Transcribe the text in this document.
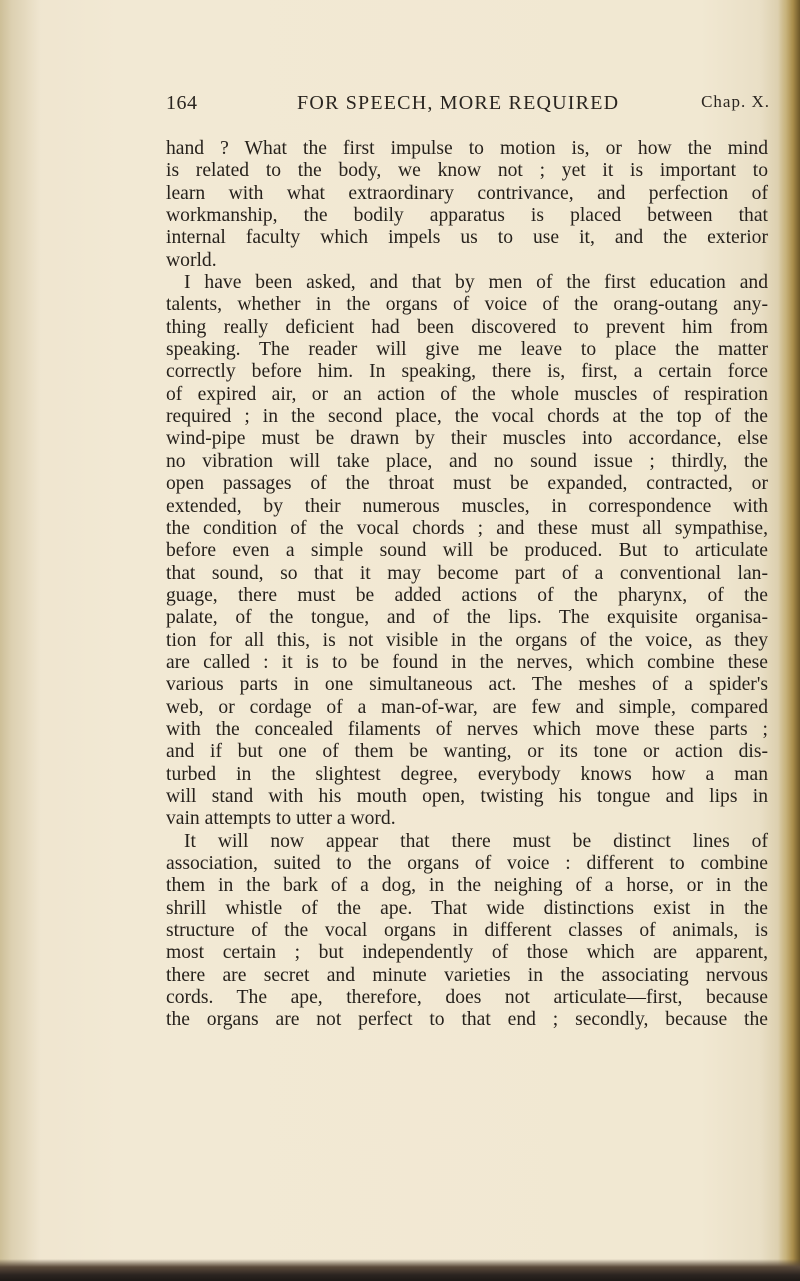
164	FOR SPEECH, MORE REQUIRED	Chap. X.
hand ? What the first impulse to motion is, or how the mind
is related to the body, we know not ; yet it is important to
learn with what extraordinary contrivance, and perfection of
workmanship, the bodily apparatus is placed between that
internal faculty which impels us to use it, and the exterior
world.
I have been asked, and that by men of the first education and
talents, whether in the organs of voice of the orang-outang any-
thing really deficient had been discovered to prevent him from
speaking. The reader will give me leave to place the matter
correctly before him. In speaking, there is, first, a certain force
of expired air, or an action of the whole muscles of respiration
required ; in the second place, the vocal chords at the top of the
wind-pipe must be drawn by their muscles into accordance, else
no vibration will take place, and no sound issue ; thirdly, the
open passages of the throat must be expanded, contracted, or
extended, by their numerous muscles, in correspondence with
the condition of the vocal chords ; and these must all sympathise,
before even a simple sound will be produced. But to articulate
that sound, so that it may become part of a conventional lan-
guage, there must be added actions of the pharynx, of the
palate, of the tongue, and of the lips. The exquisite organisa-
tion for all this, is not visible in the organs of the voice, as they
are called : it is to be found in the nerves, which combine these
various parts in one simultaneous act. The meshes of a spider's
web, or cordage of a man-of-war, are few and simple, compared
with the concealed filaments of nerves which move these parts ;
and if but one of them be wanting, or its tone or action dis-
turbed in the slightest degree, everybody knows how a man
will stand with his mouth open, twisting his tongue and lips in
vain attempts to utter a word.
It will now appear that there must be distinct lines of
association, suited to the organs of voice : different to combine
them in the bark of a dog, in the neighing of a horse, or in the
shrill whistle of the ape. That wide distinctions exist in the
structure of the vocal organs in different classes of animals, is
most certain ; but independently of those which are apparent,
there are secret and minute varieties in the associating nervous
cords. The ape, therefore, does not articulate—first, because
the organs are not perfect to that end ; secondly, because the
